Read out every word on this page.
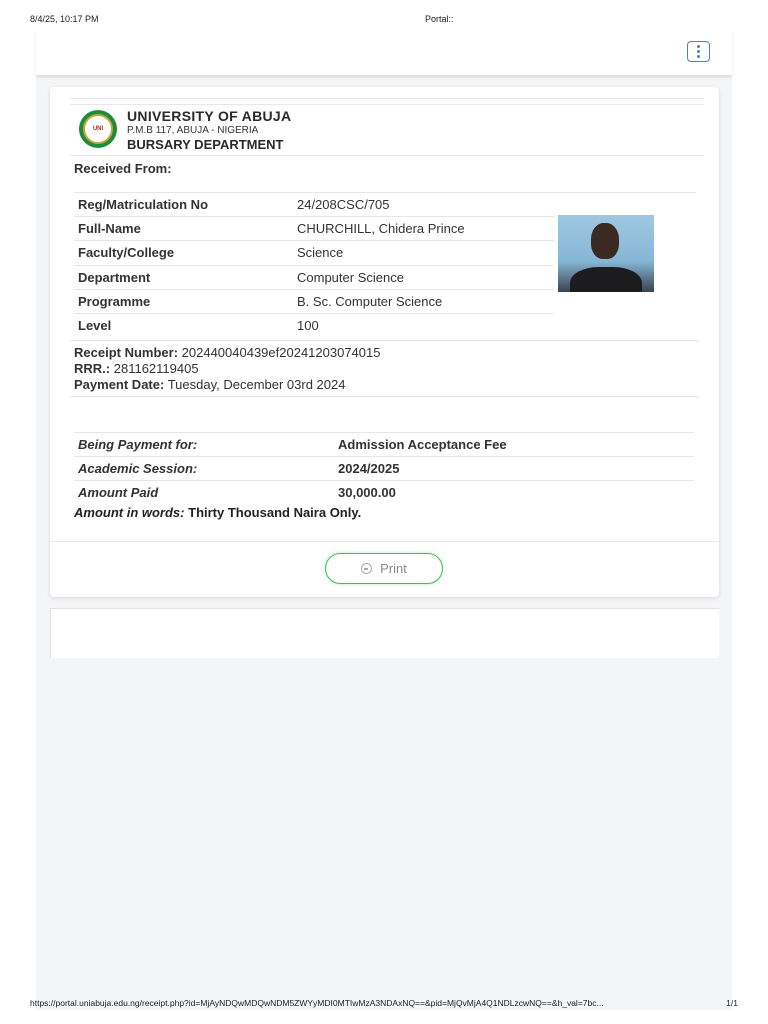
8/4/25, 10:17 PM	Portal::
UNI
UNIVERSITY OF ABUJA
P.M.B 117, ABUJA - NIGERIA
BURSARY DEPARTMENT
Received From:
Reg/Matriculation No	24/208CSC/705
Full-Name	CHURCHILL, Chidera Prince
Faculty/College	Science
Department	Computer Science
Programme	B. Sc. Computer Science
Level	100
Receipt Number: 202440040439ef20241203074015
RRR.: 281162119405
Payment Date: Tuesday, December 03rd 2024
Being Payment for:	Admission Acceptance Fee
Academic Session:	2024/2025
Amount Paid	30,000.00
Amount in words: Thirty Thousand Naira Only.
Print
https://portal.uniabuja.edu.ng/receipt.php?id=MjAyNDQwMDQwNDM5ZWYyMDI0MTIwMzA3NDAxNQ==&pid=MjQvMjA4Q1NDLzcwNQ==&h_val=7bc...	1/1
